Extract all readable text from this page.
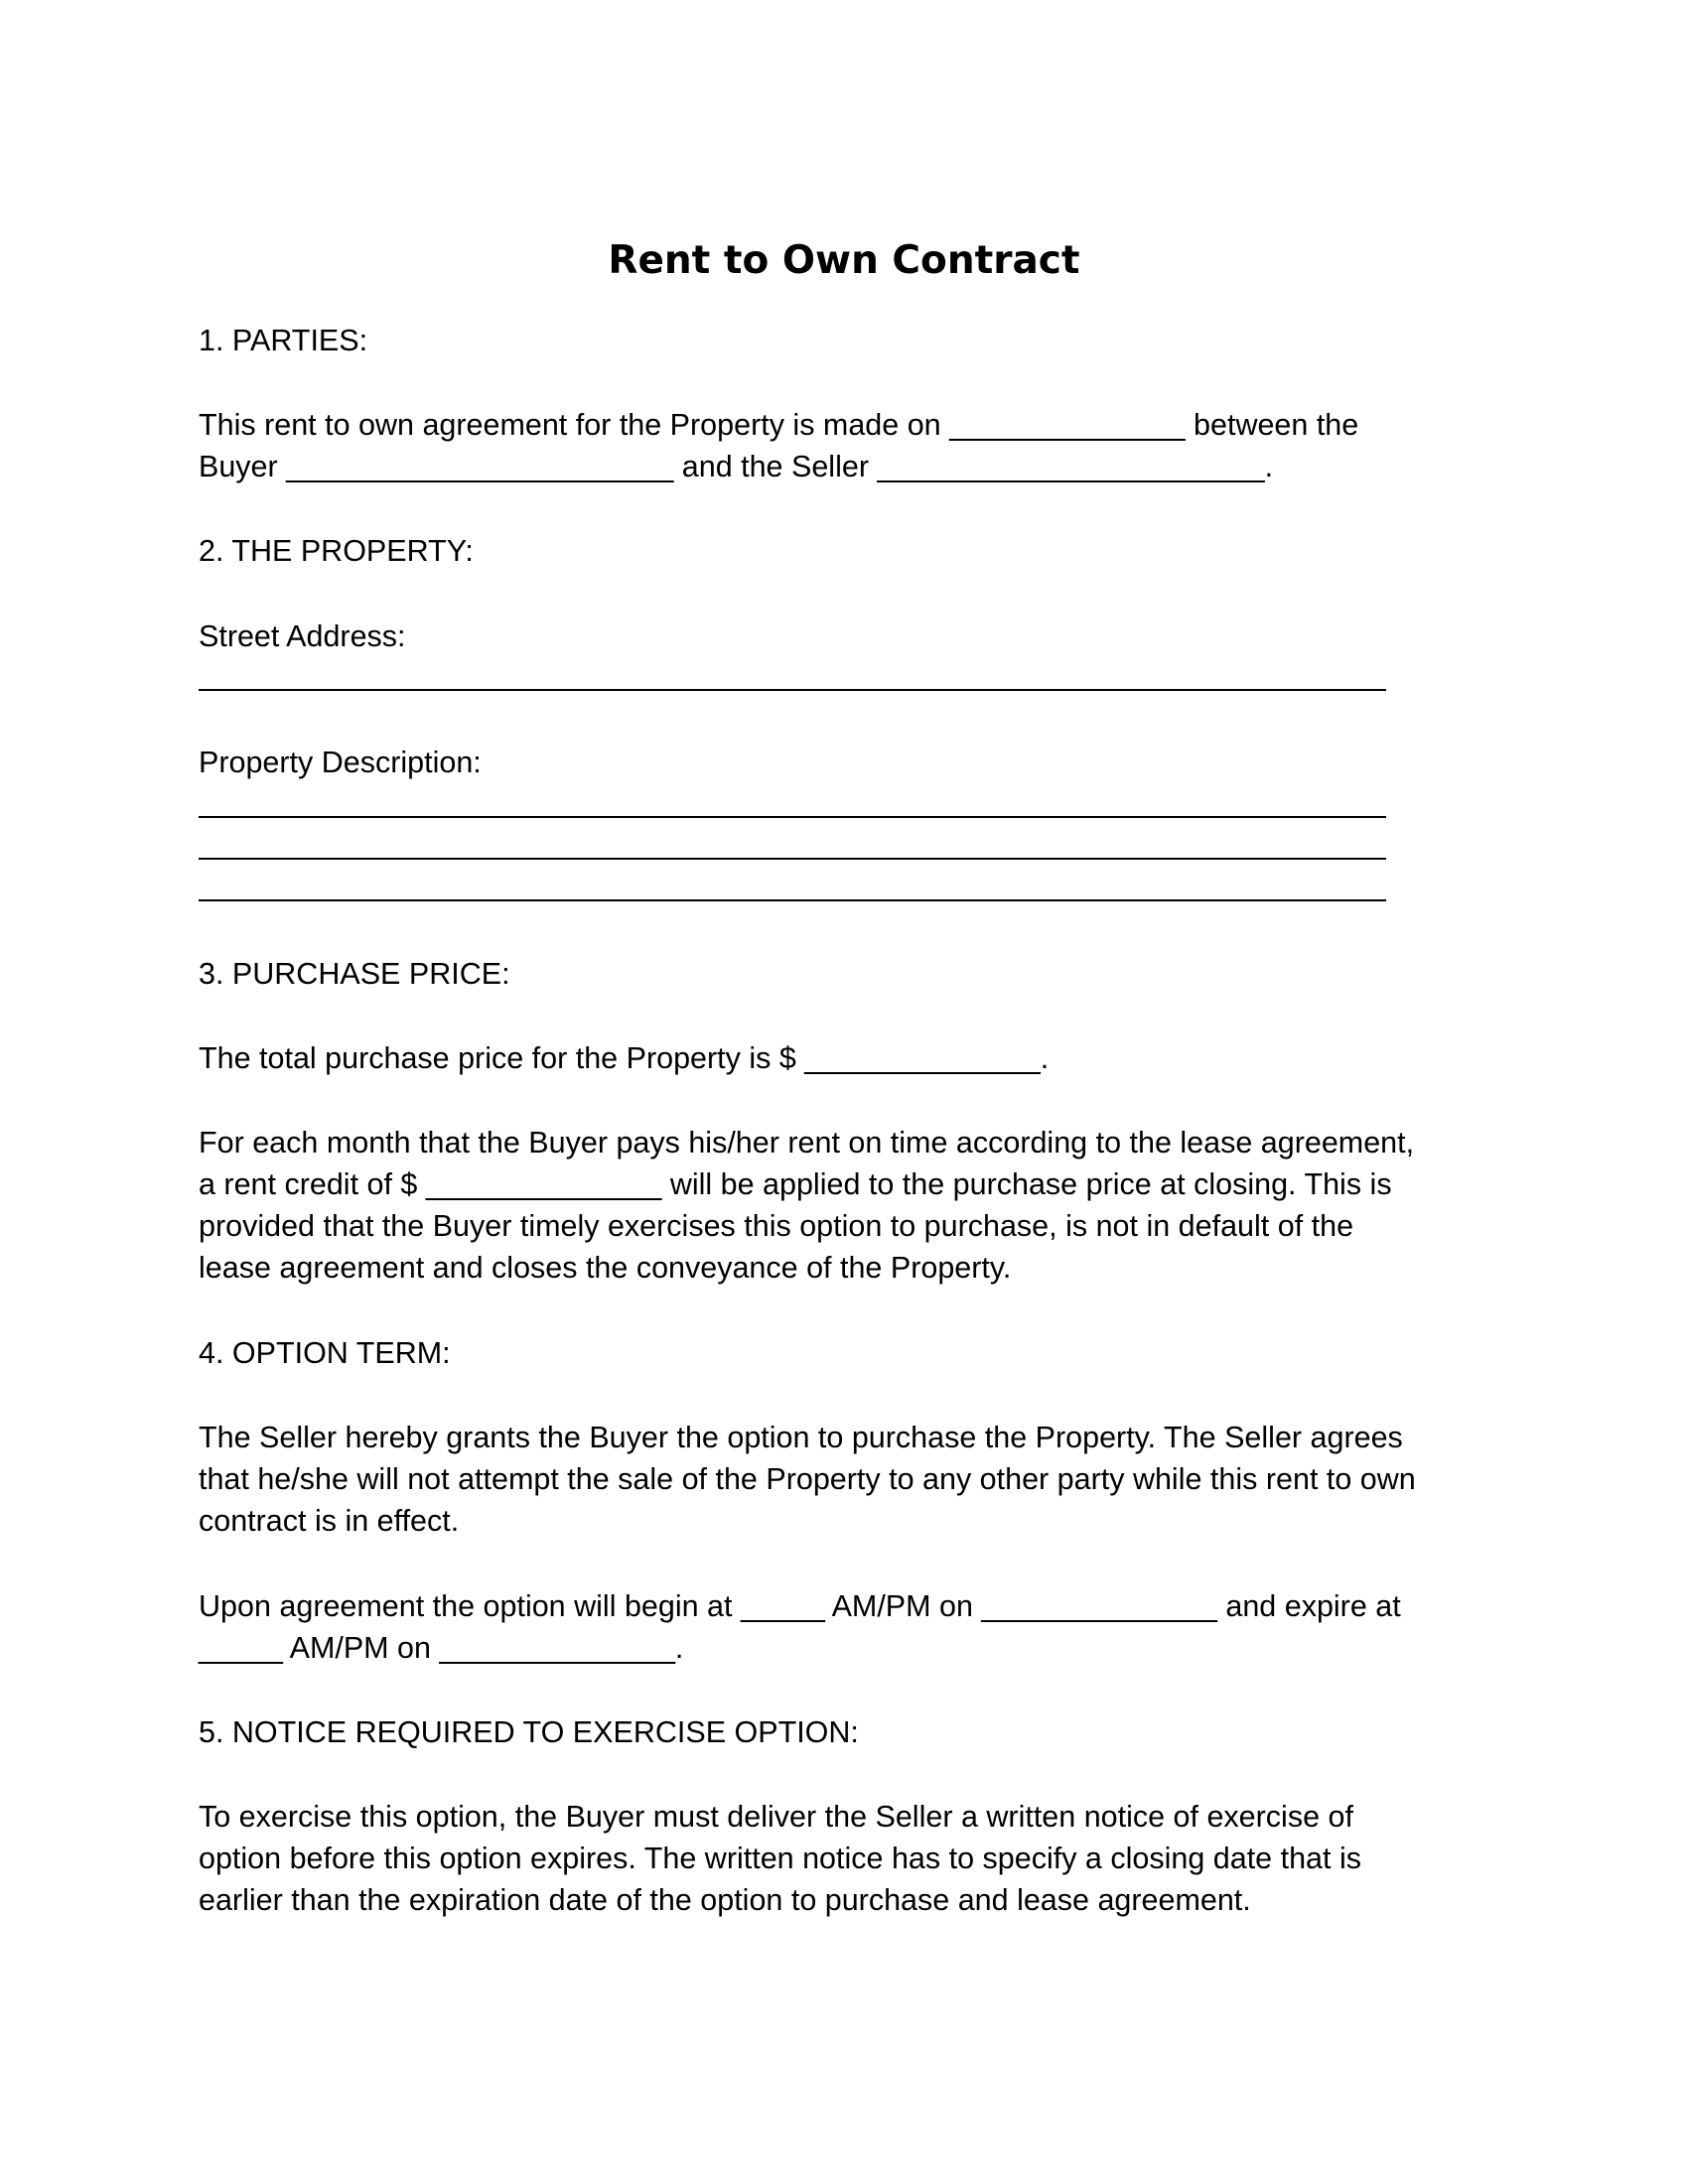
Rent to Own Contract
1. PARTIES:
This rent to own agreement for the Property is made on ______________ between the
Buyer _______________________ and the Seller _______________________.
2. THE PROPERTY:
Street Address:
Property Description:
3. PURCHASE PRICE:
The total purchase price for the Property is $ ______________.
For each month that the Buyer pays his/her rent on time according to the lease agreement,
a rent credit of $ ______________ will be applied to the purchase price at closing. This is
provided that the Buyer timely exercises this option to purchase, is not in default of the
lease agreement and closes the conveyance of the Property.
4. OPTION TERM:
The Seller hereby grants the Buyer the option to purchase the Property. The Seller agrees
that he/she will not attempt the sale of the Property to any other party while this rent to own
contract is in effect.
Upon agreement the option will begin at _____ AM/PM on ______________ and expire at
_____ AM/PM on ______________.
5. NOTICE REQUIRED TO EXERCISE OPTION:
To exercise this option, the Buyer must deliver the Seller a written notice of exercise of
option before this option expires. The written notice has to specify a closing date that is
earlier than the expiration date of the option to purchase and lease agreement.
